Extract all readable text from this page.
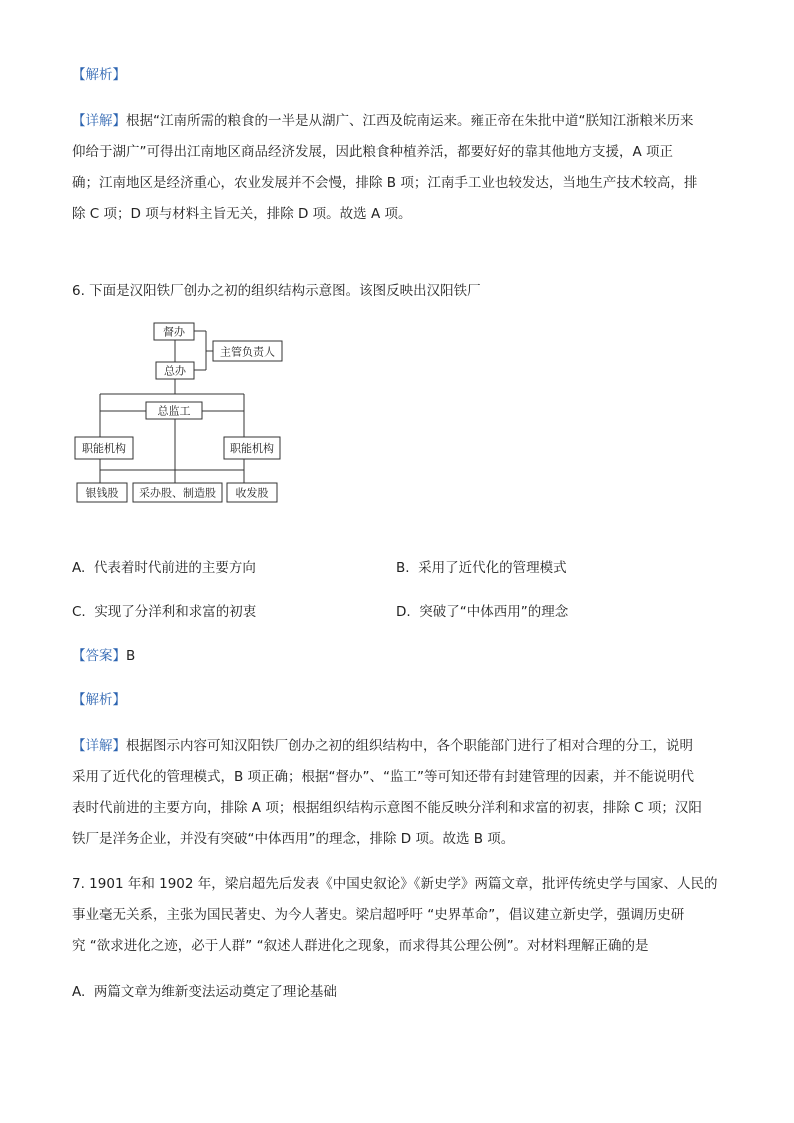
【解析】
【详解】根据“江南所需的粮食的一半是从湖广、江西及皖南运来。雍正帝在朱批中道“朕知江浙粮米历来
仰给于湖广”可得出江南地区商品经济发展，因此粮食种植养活，都要好好的靠其他地方支援，A 项正
确；江南地区是经济重心，农业发展并不会慢，排除 B 项；江南手工业也较发达，当地生产技术较高，排
除 C 项；D 项与材料主旨无关，排除 D 项。故选 A 项。
6. 下面是汉阳铁厂创办之初的组织结构示意图。该图反映出汉阳铁厂
督办
主管负责人
总办
总监工
职能机构	职能机构
银钱股 采办股、制造股 收发股
A. 代表着时代前进的主要方向	B. 采用了近代化的管理模式
C. 实现了分洋利和求富的初衷	D. 突破了“中体西用”的理念
【答案】B
【解析】
【详解】根据图示内容可知汉阳铁厂创办之初的组织结构中，各个职能部门进行了相对合理的分工，说明
采用了近代化的管理模式，B 项正确；根据“督办”、“监工”等可知还带有封建管理的因素，并不能说明代
表时代前进的主要方向，排除 A 项；根据组织结构示意图不能反映分洋利和求富的初衷，排除 C 项；汉阳
铁厂是洋务企业，并没有突破“中体西用”的理念，排除 D 项。故选 B 项。
7. 1901 年和 1902 年，梁启超先后发表《中国史叙论》《新史学》两篇文章，批评传统史学与国家、人民的
事业毫无关系，主张为国民著史、为今人著史。梁启超呼吁 “史界革命”，倡议建立新史学，强调历史研
究 “欲求进化之迹，必于人群” “叙述人群进化之现象，而求得其公理公例”。对材料理解正确的是
A. 两篇文章为维新变法运动奠定了理论基础
